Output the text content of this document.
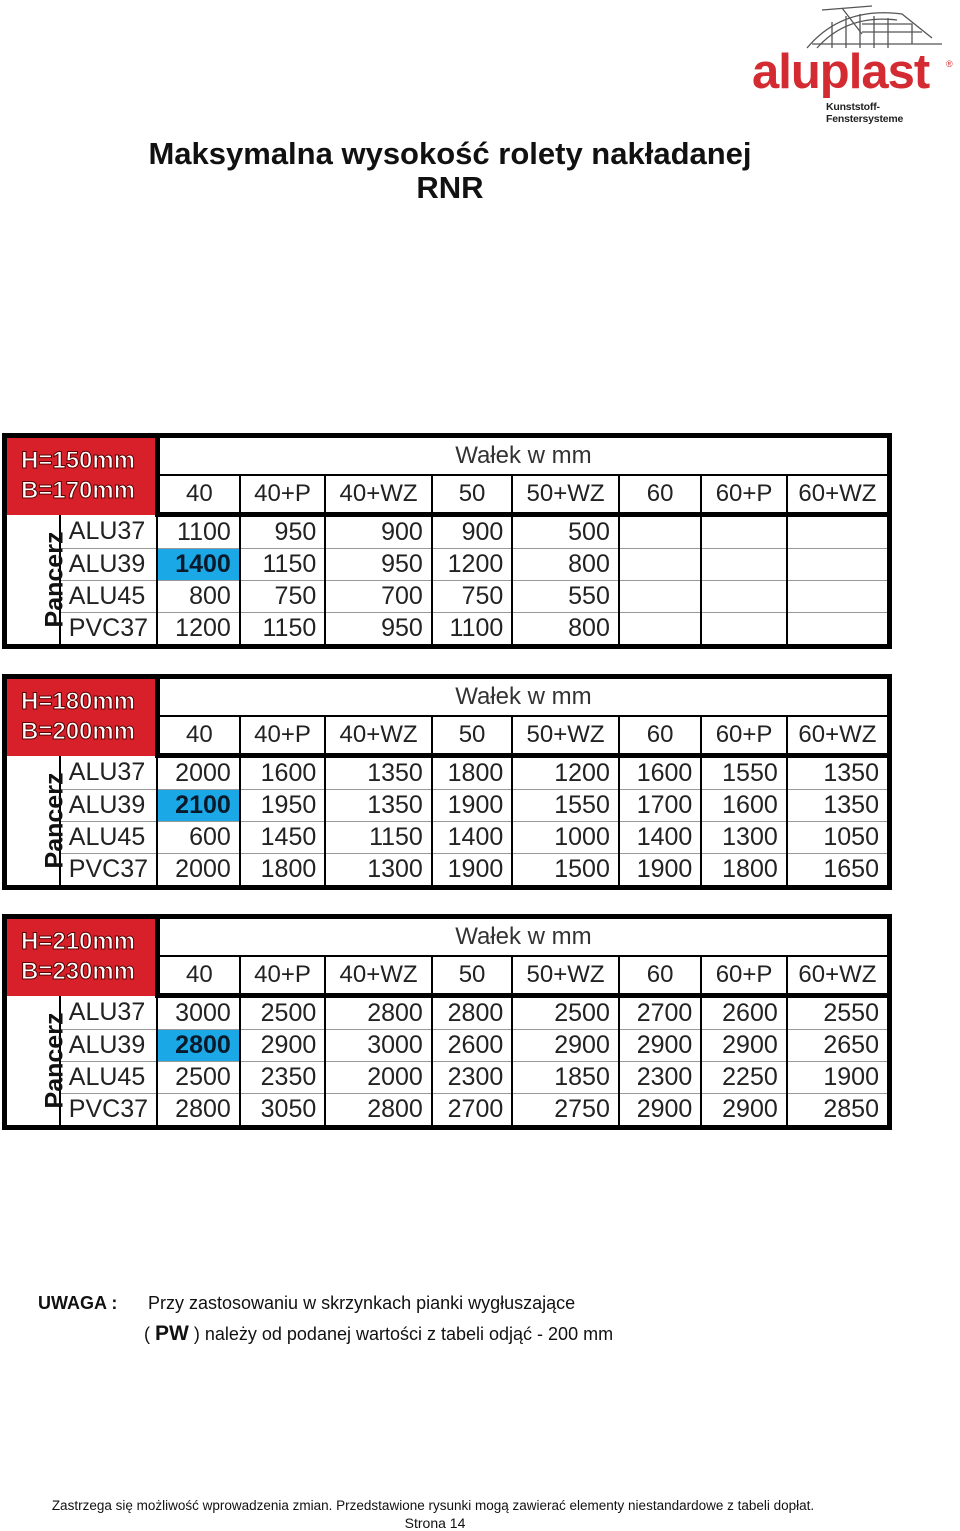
aluplast ®
Kunststoff-Fenstersysteme
Maksymalna wysokość rolety nakładanej
RNR
H=150mm
B=170mm		Wałek w mm							
		40	40+P	40+WZ	50	50+WZ	60	60+P	60+WZ
Pancerz	ALU37	1100	950	900	900	500			
	ALU39	1400	1150	950	1200	800			
	ALU45	800	750	700	750	550			
	PVC37	1200	1150	950	1100	800			
H=180mm
B=200mm		Wałek w mm							
		40	40+P	40+WZ	50	50+WZ	60	60+P	60+WZ
Pancerz	ALU37	2000	1600	1350	1800	1200	1600	1550	1350
	ALU39	2100	1950	1350	1900	1550	1700	1600	1350
	ALU45	600	1450	1150	1400	1000	1400	1300	1050
	PVC37	2000	1800	1300	1900	1500	1900	1800	1650
H=210mm
B=230mm		Wałek w mm							
		40	40+P	40+WZ	50	50+WZ	60	60+P	60+WZ
Pancerz	ALU37	3000	2500	2800	2800	2500	2700	2600	2550
	ALU39	2800	2900	3000	2600	2900	2900	2900	2650
	ALU45	2500	2350	2000	2300	1850	2300	2250	1900
	PVC37	2800	3050	2800	2700	2750	2900	2900	2850
UWAGA : Przy zastosowaniu w skrzynkach pianki wygłuszające
( PW ) należy od podanej wartości z tabeli odjąć - 200 mm
Zastrzega się możliwość wprowadzenia zmian. Przedstawione rysunki mogą zawierać elementy niestandardowe z tabeli dopłat.
Strona 14
